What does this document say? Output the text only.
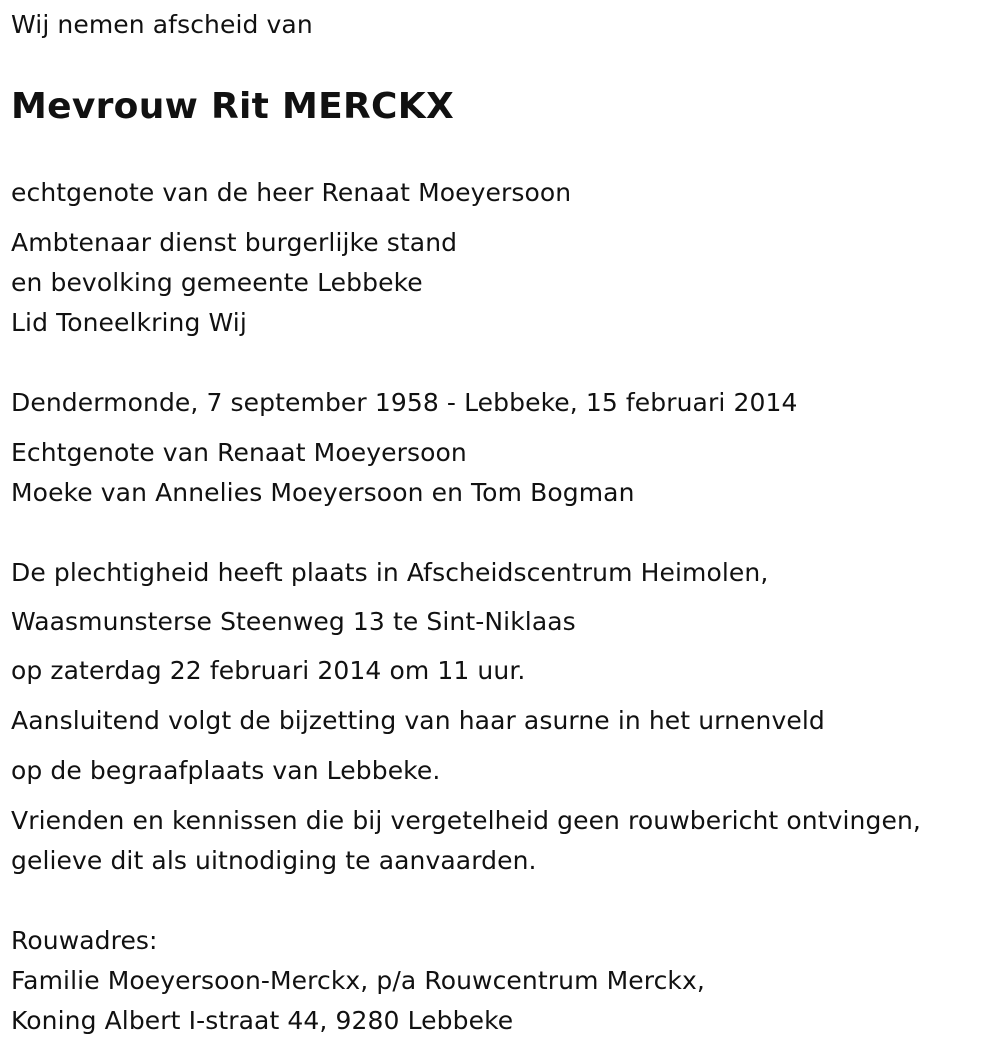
Wij nemen afscheid van
Mevrouw Rit MERCKX
echtgenote van de heer Renaat Moeyersoon
Ambtenaar dienst burgerlijke stand
en bevolking gemeente Lebbeke
Lid Toneelkring Wij
Dendermonde, 7 september 1958 - Lebbeke, 15 februari 2014
Echtgenote van Renaat Moeyersoon
Moeke van Annelies Moeyersoon en Tom Bogman
De plechtigheid heeft plaats in Afscheidscentrum Heimolen,
Waasmunsterse Steenweg 13 te Sint-Niklaas
op zaterdag 22 februari 2014 om 11 uur.
Aansluitend volgt de bijzetting van haar asurne in het urnenveld
op de begraafplaats van Lebbeke.
Vrienden en kennissen die bij vergetelheid geen rouwbericht ontvingen,
gelieve dit als uitnodiging te aanvaarden.
Rouwadres:
Familie Moeyersoon-Merckx, p/a Rouwcentrum Merckx,
Koning Albert I-straat 44, 9280 Lebbeke
